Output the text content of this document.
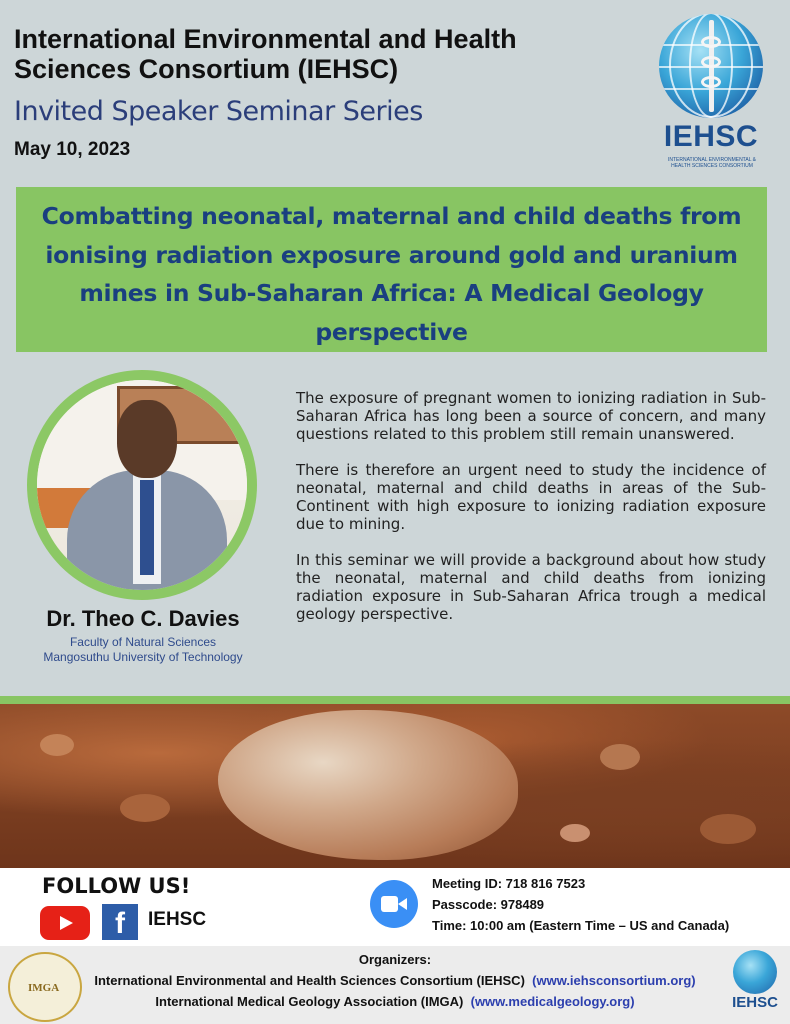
International Environmental and Health Sciences Consortium (IEHSC)
Invited Speaker Seminar Series
May 10, 2023	IEHSC
INTERNATIONAL ENVIRONMENTAL & HEALTH SCIENCES CONSORTIUM
Combatting neonatal, maternal and child deaths from ionising radiation exposure around gold and uranium mines in Sub-Saharan Africa: A Medical Geology perspective
Dr. Theo C. Davies
Faculty of Natural Sciences
Mangosuthu University of Technology

The exposure of pregnant women to ionizing radiation in Sub-Saharan Africa has long been a source of concern, and many questions related to this problem still remain unanswered.

There is therefore an urgent need to study the incidence of neonatal, maternal and child deaths in areas of the Sub-Continent with high exposure to ionizing radiation exposure due to mining.

In this seminar we will provide a background about how study the neonatal, maternal and child deaths from ionizing radiation exposure in Sub-Saharan Africa trough a medical geology perspective.

FOLLOW US!
f	IEHSC
Meeting ID: 718 816 7523
Passcode: 978489
Time: 10:00 am (Eastern Time – US and Canada)
IMGA
Organizers:
International Environmental and Health Sciences Consortium (IEHSC) (www.iehsconsortium.org)
International Medical Geology Association (IMGA) (www.medicalgeology.org)	IEHSC
